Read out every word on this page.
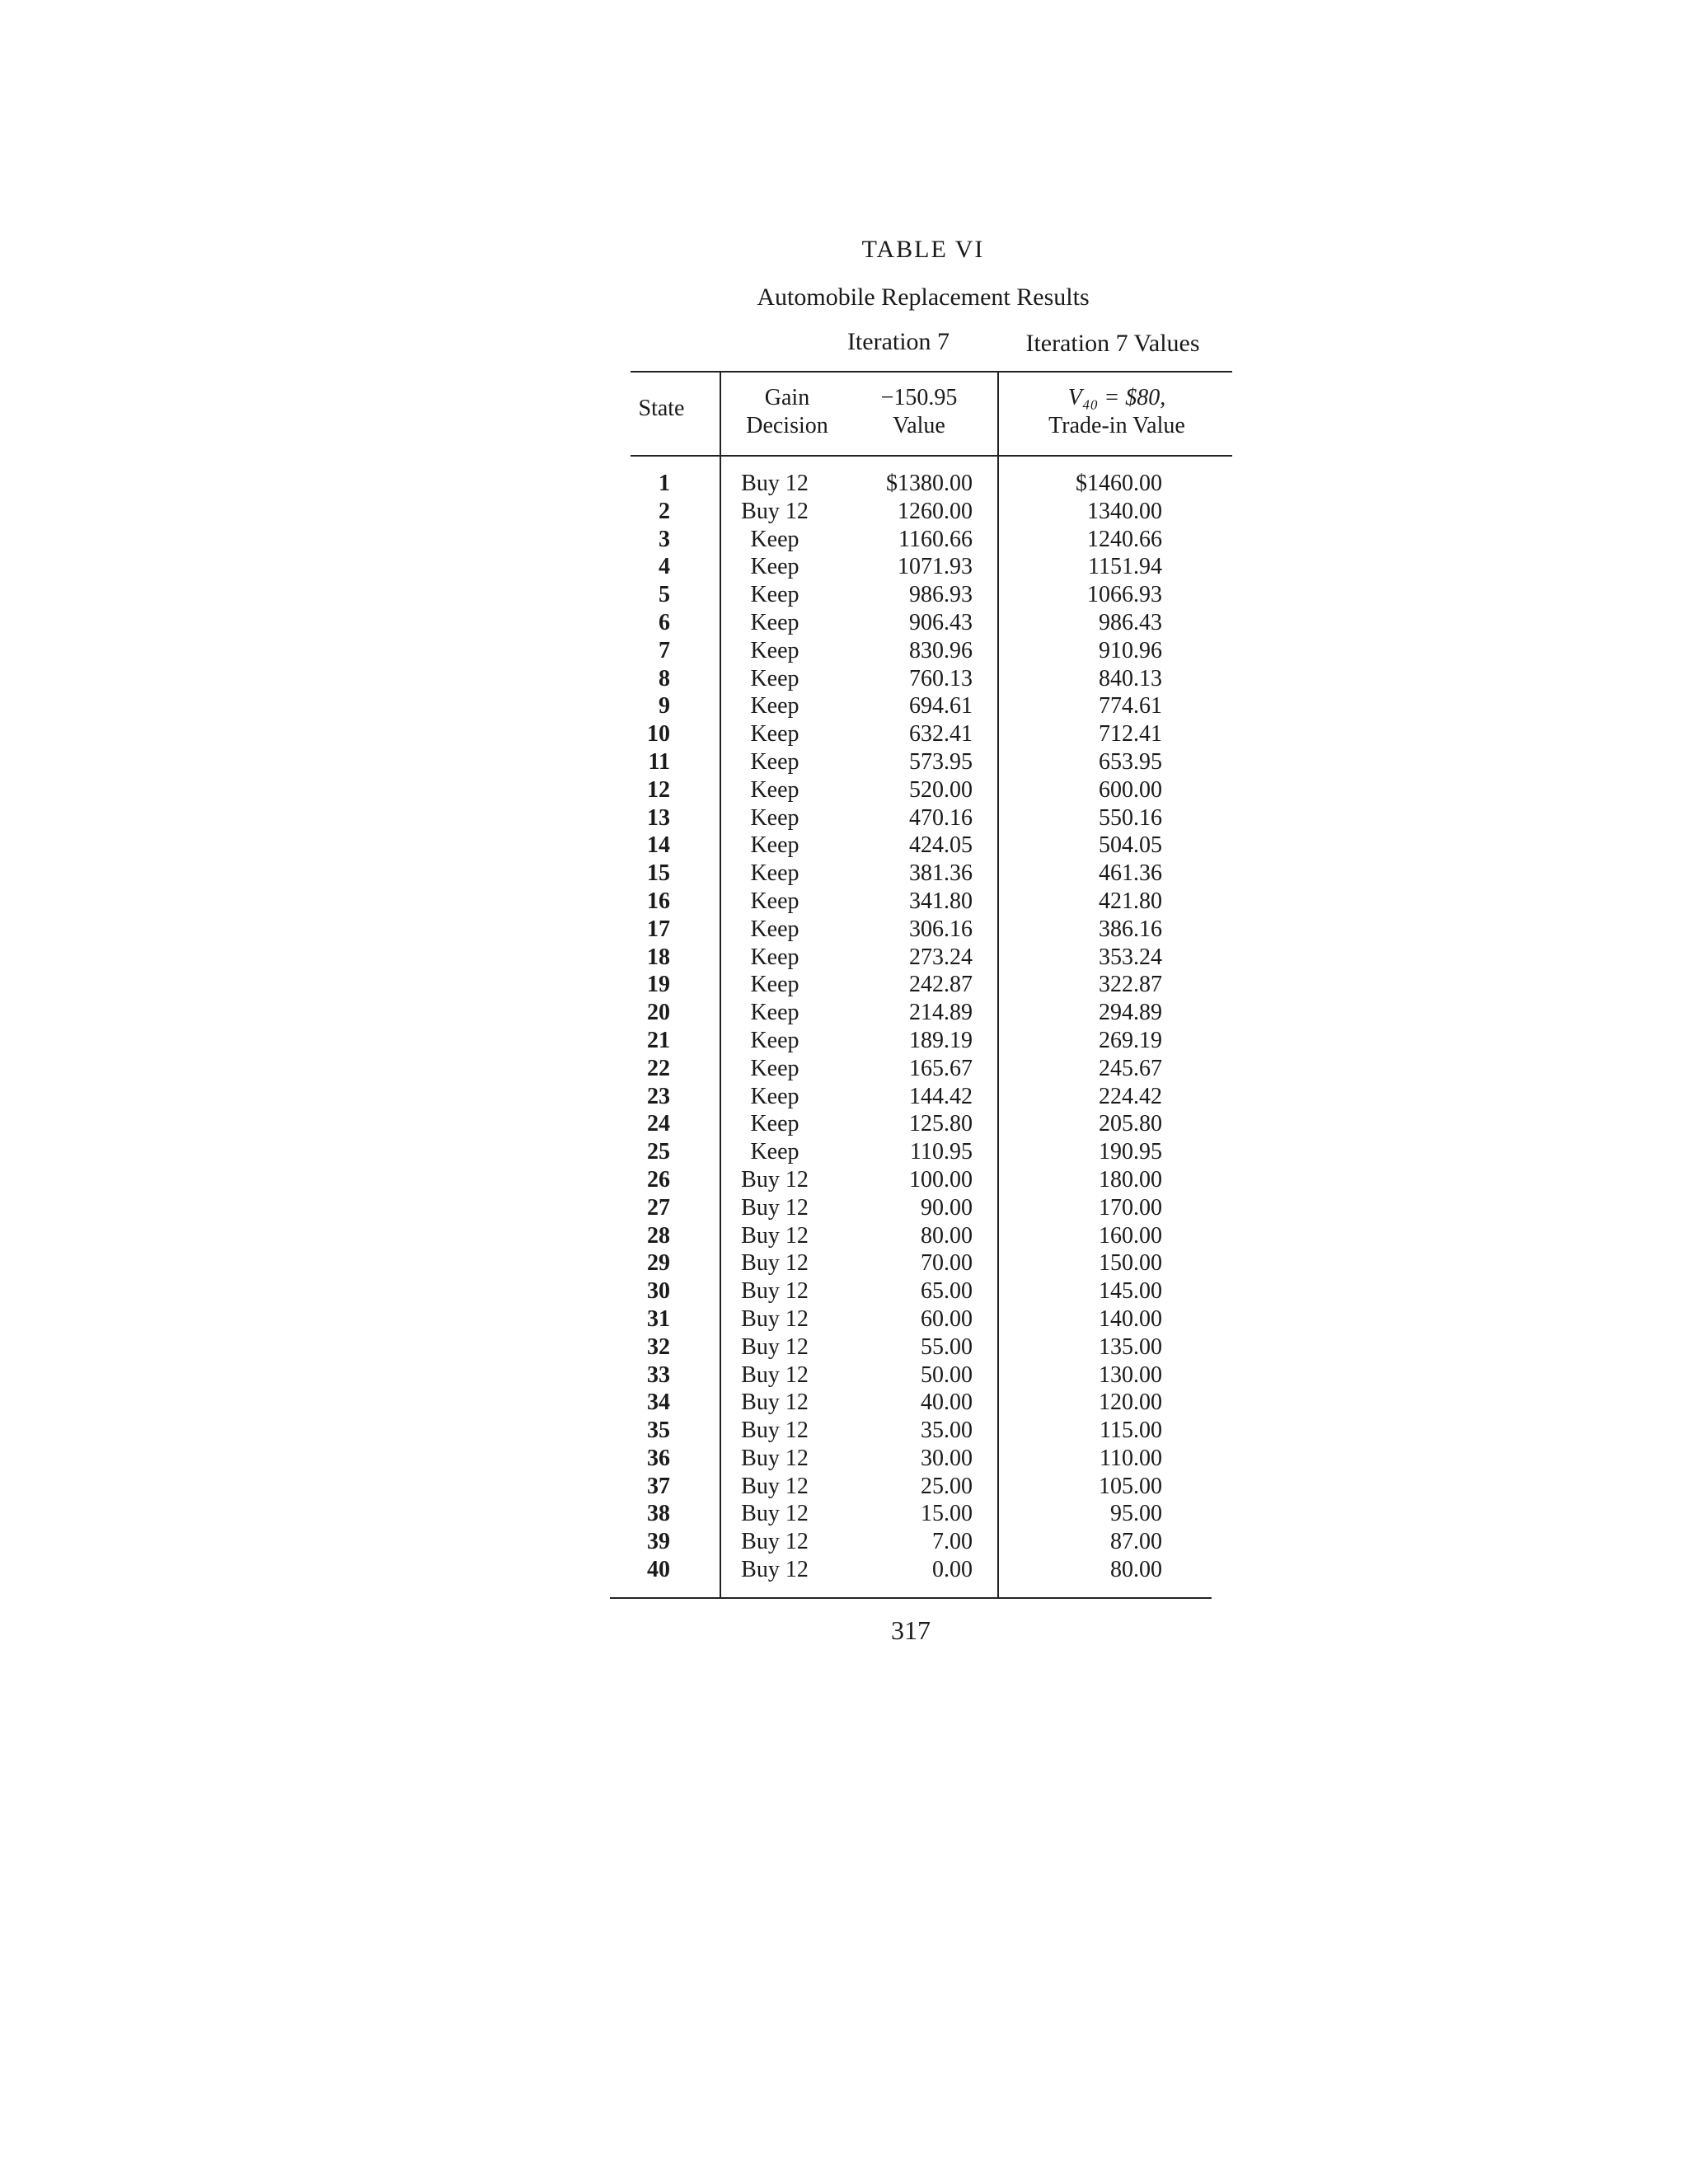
TABLE VI
Automobile Replacement Results
Iteration 7	Iteration 7 Values
State	Gain
Decision
−150.95
Value
V₄₀ = $80,
Trade-in Value
1
2
3
4
5
6
7
8
9
10
11
12
13
14
15
16
17
18
19
20
21
22
23
24
25
26
27
28
29
30
31
32
33
34
35
36
37
38
39
40
Buy 12
Buy 12
Keep
Keep
Keep
Keep
Keep
Keep
Keep
Keep
Keep
Keep
Keep
Keep
Keep
Keep
Keep
Keep
Keep
Keep
Keep
Keep
Keep
Keep
Keep
Buy 12
Buy 12
Buy 12
Buy 12
Buy 12
Buy 12
Buy 12
Buy 12
Buy 12
Buy 12
Buy 12
Buy 12
Buy 12
Buy 12
Buy 12
$1380.00
1260.00
1160.66
1071.93
986.93
906.43
830.96
760.13
694.61
632.41
573.95
520.00
470.16
424.05
381.36
341.80
306.16
273.24
242.87
214.89
189.19
165.67
144.42
125.80
110.95
100.00
90.00
80.00
70.00
65.00
60.00
55.00
50.00
40.00
35.00
30.00
25.00
15.00
7.00
0.00
$1460.00
1340.00
1240.66
1151.94
1066.93
986.43
910.96
840.13
774.61
712.41
653.95
600.00
550.16
504.05
461.36
421.80
386.16
353.24
322.87
294.89
269.19
245.67
224.42
205.80
190.95
180.00
170.00
160.00
150.00
145.00
140.00
135.00
130.00
120.00
115.00
110.00
105.00
95.00
87.00
80.00
317
